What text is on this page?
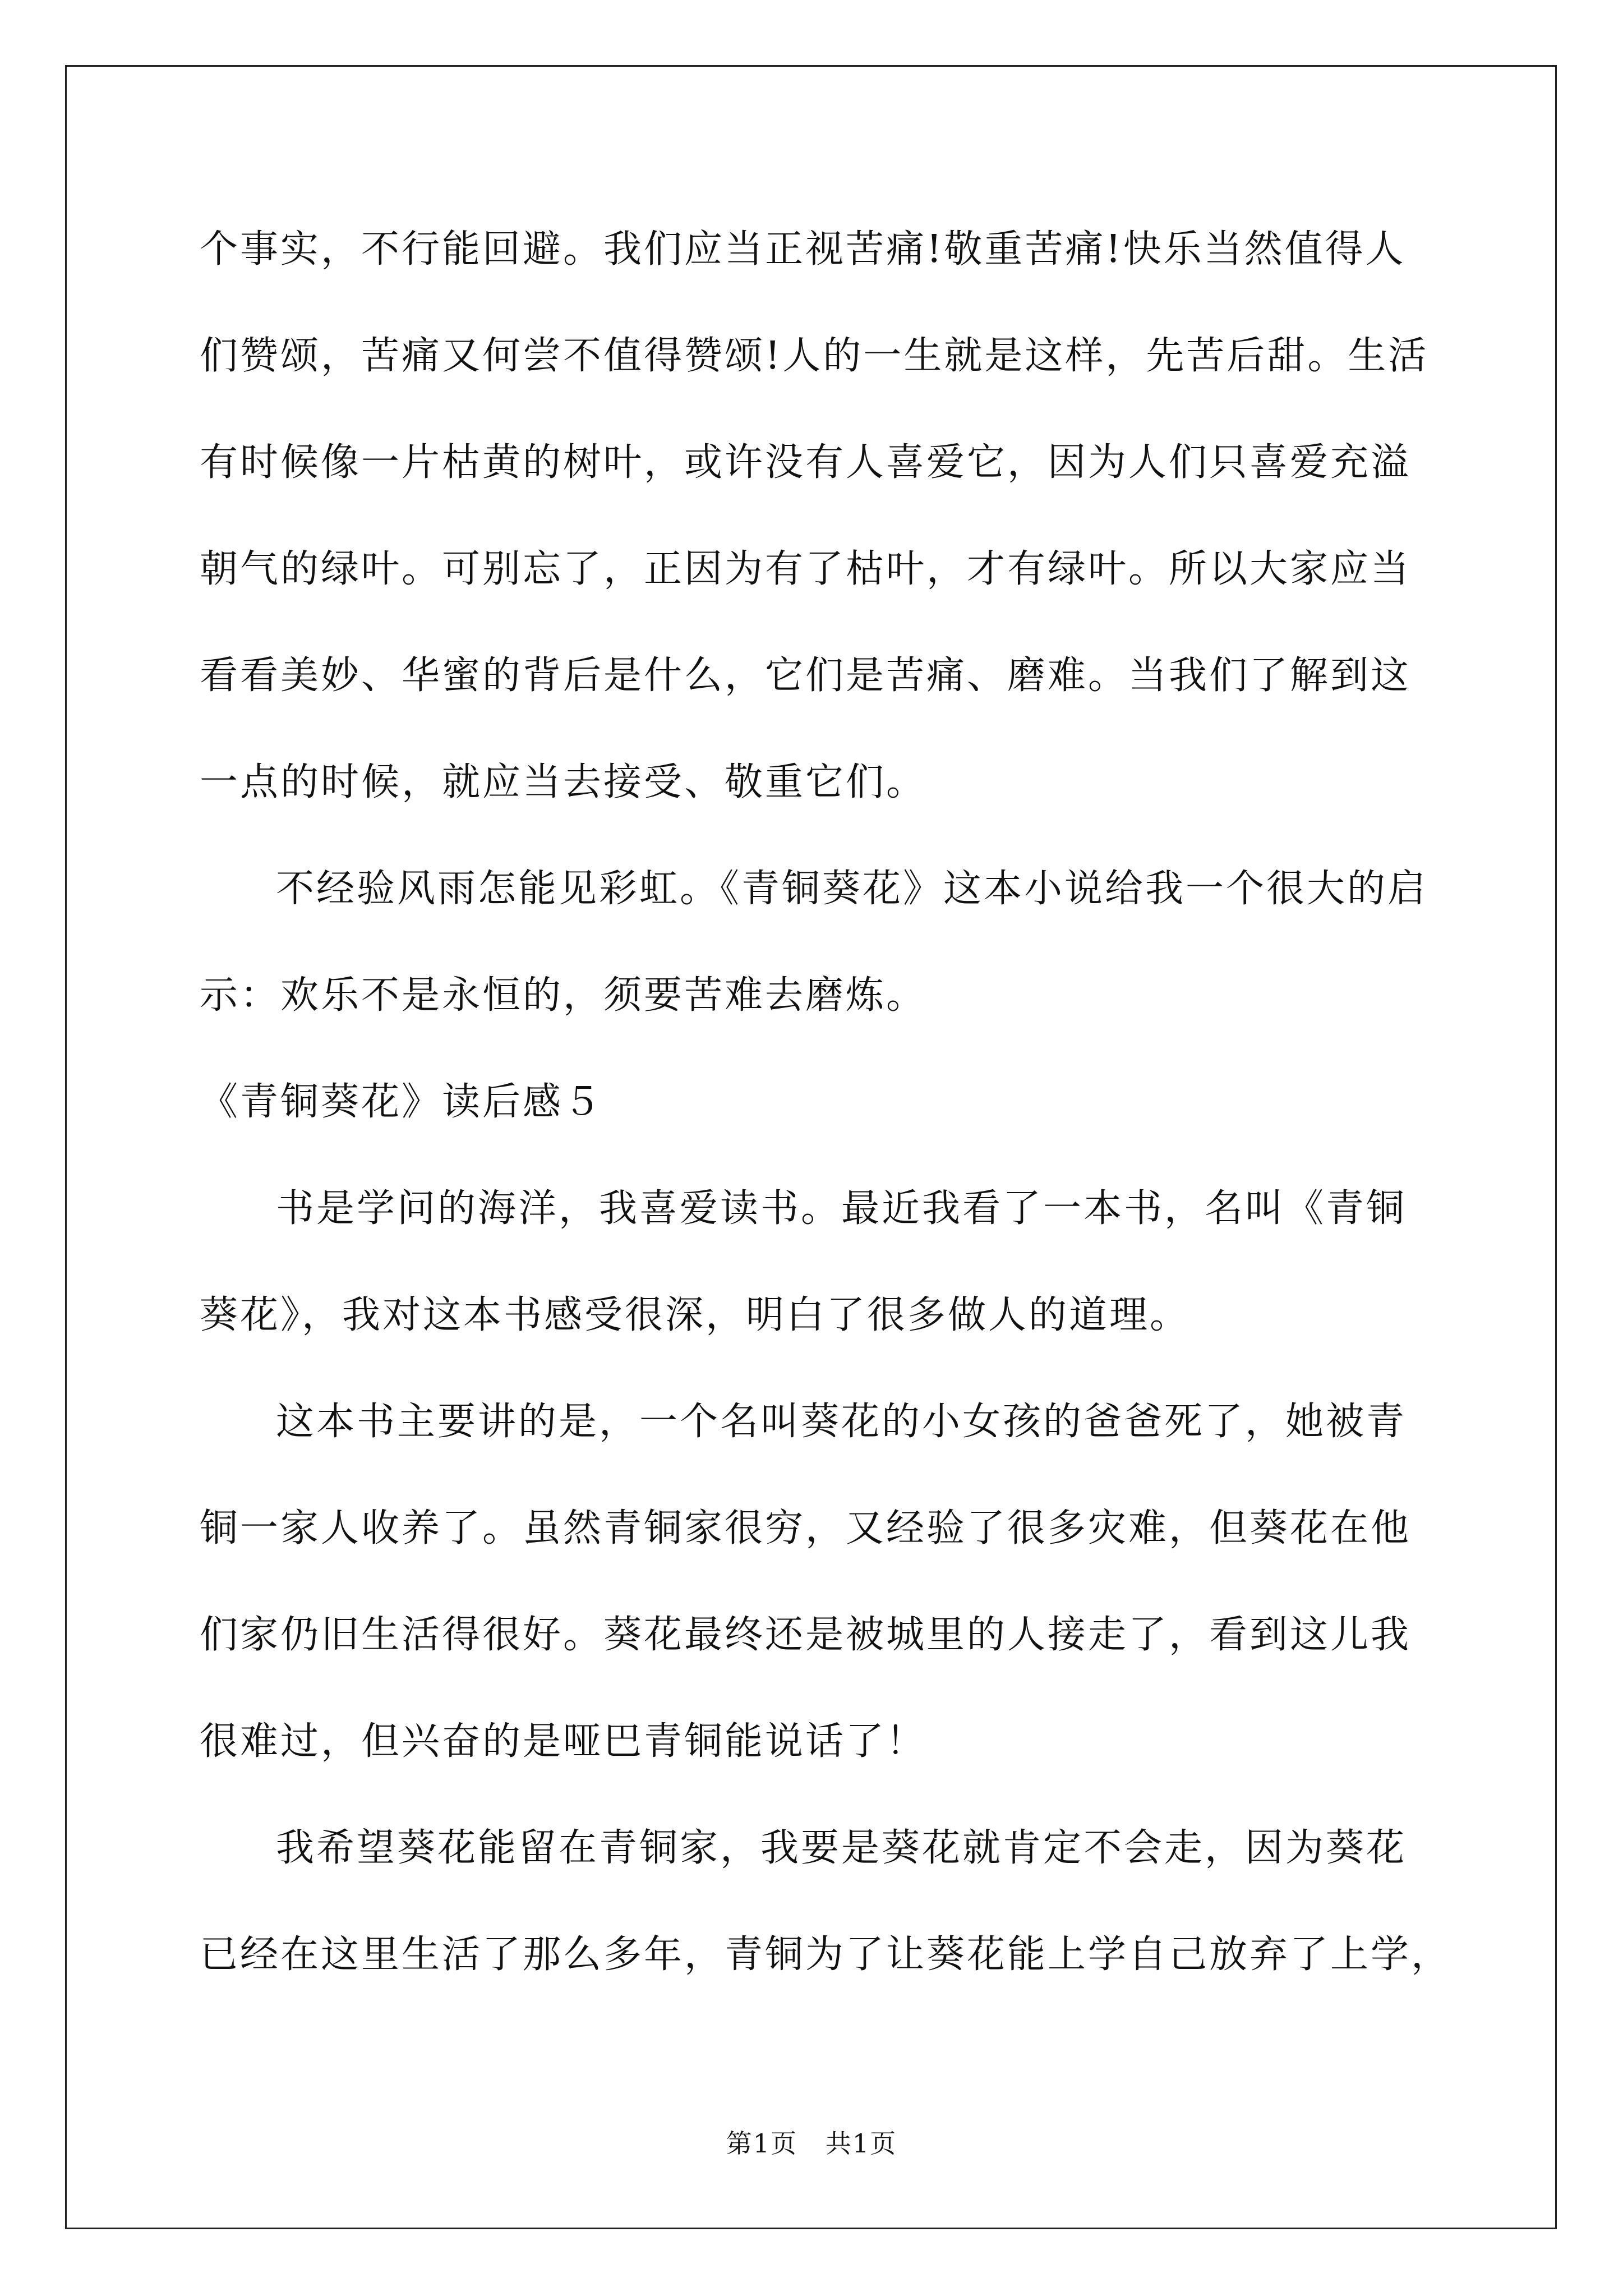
个事实，不行能回避。我们应当正视苦痛!敬重苦痛!快乐当然值得人
们赞颂，苦痛又何尝不值得赞颂!人的一生就是这样，先苦后甜。生活
有时候像一片枯黄的树叶，或许没有人喜爱它，因为人们只喜爱充溢
朝气的绿叶。可别忘了，正因为有了枯叶，才有绿叶。所以大家应当
看看美妙、华蜜的背后是什么，它们是苦痛、磨难。当我们了解到这
一点的时候，就应当去接受、敬重它们。
不经验风雨怎能见彩虹。《青铜葵花》这本小说给我一个很大的启
示：欢乐不是永恒的，须要苦难去磨炼。
《青铜葵花》读后感５
书是学问的海洋，我喜爱读书。最近我看了一本书，名叫《青铜
葵花》，我对这本书感受很深，明白了很多做人的道理。
这本书主要讲的是，一个名叫葵花的小女孩的爸爸死了，她被青
铜一家人收养了。虽然青铜家很穷，又经验了很多灾难，但葵花在他
们家仍旧生活得很好。葵花最终还是被城里的人接走了，看到这儿我
很难过，但兴奋的是哑巴青铜能说话了！
我希望葵花能留在青铜家，我要是葵花就肯定不会走，因为葵花
已经在这里生活了那么多年，青铜为了让葵花能上学自己放弃了上学，
第1页   共1页
